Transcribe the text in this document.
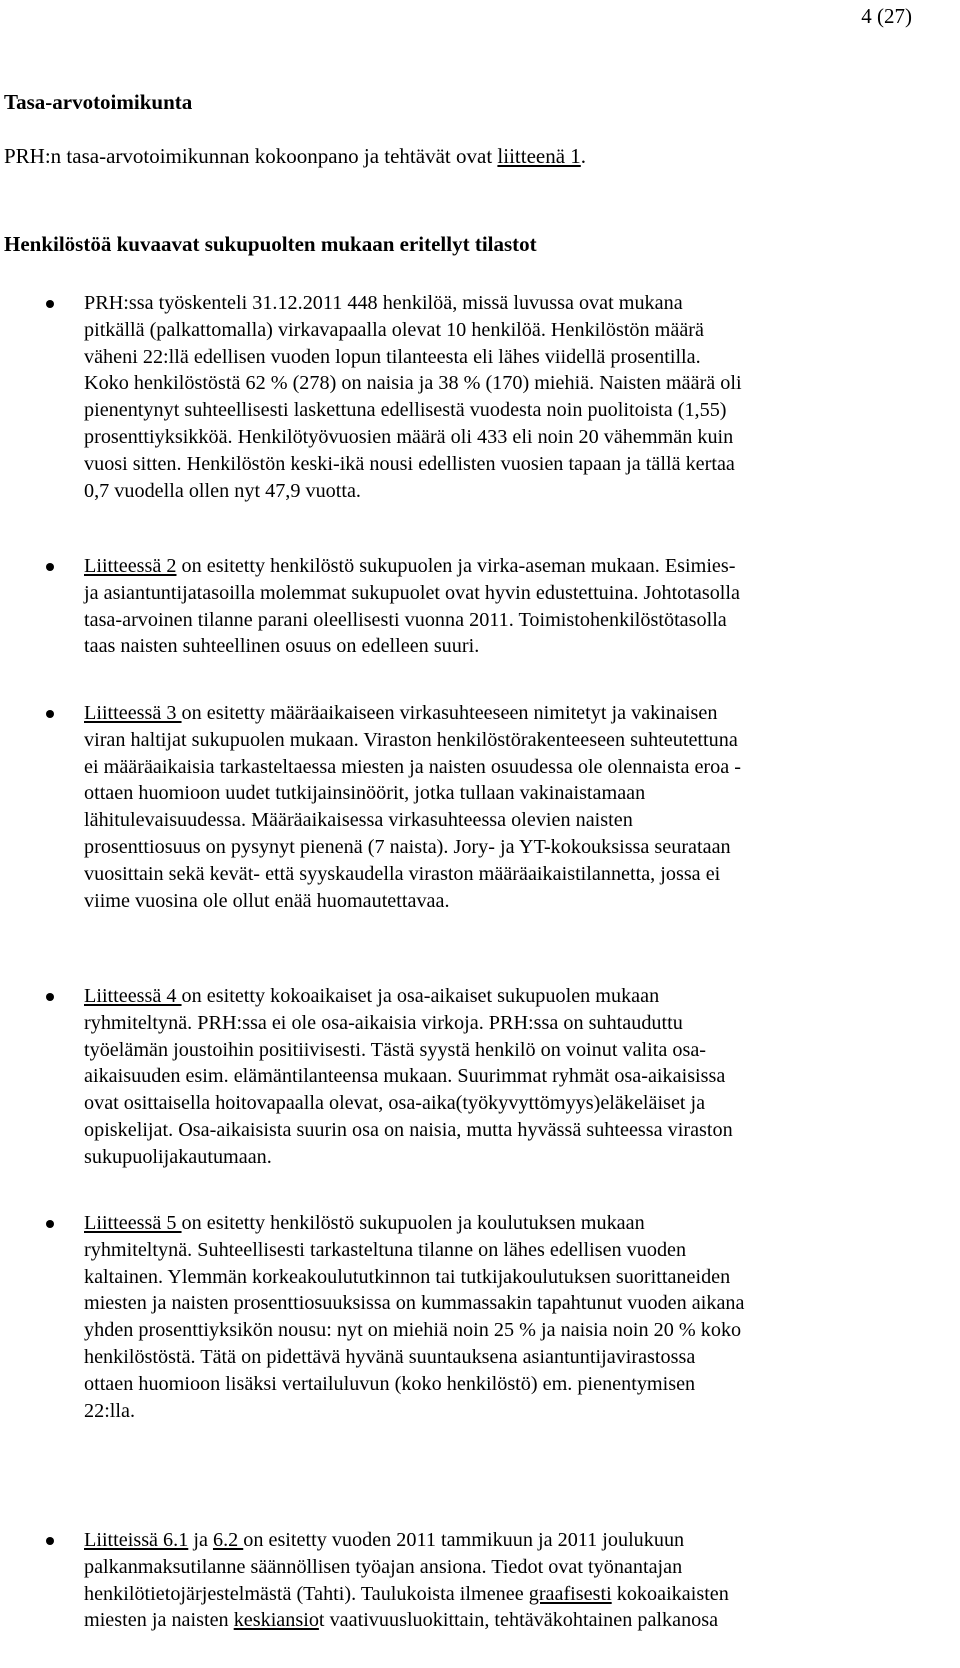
4 (27)
Tasa-arvotoimikunta
PRH:n tasa-arvotoimikunnan kokoonpano ja tehtävät ovat liitteenä 1.
Henkilöstöä kuvaavat sukupuolten mukaan eritellyt tilastot
PRH:ssa työskenteli 31.12.2011 448 henkilöä, missä luvussa ovat mukana
pitkällä (palkattomalla) virkavapaalla olevat 10 henkilöä. Henkilöstön määrä
väheni 22:llä edellisen vuoden lopun tilanteesta eli lähes viidellä prosentilla.
Koko henkilöstöstä 62 % (278) on naisia ja 38 % (170) miehiä. Naisten määrä oli
pienentynyt suhteellisesti laskettuna edellisestä vuodesta noin puolitoista (1,55)
prosenttiyksikköä. Henkilötyövuosien määrä oli 433 eli noin 20 vähemmän kuin
vuosi sitten. Henkilöstön keski-ikä nousi edellisten vuosien tapaan ja tällä kertaa
0,7 vuodella ollen nyt 47,9 vuotta.
Liitteessä 2 on esitetty henkilöstö sukupuolen ja virka-aseman mukaan. Esimies-
ja asiantuntijatasoilla molemmat sukupuolet ovat hyvin edustettuina. Johtotasolla
tasa-arvoinen tilanne parani oleellisesti vuonna 2011. Toimistohenkilöstötasolla
taas naisten suhteellinen osuus on edelleen suuri.
Liitteessä 3 on esitetty määräaikaiseen virkasuhteeseen nimitetyt ja vakinaisen
viran haltijat sukupuolen mukaan. Viraston henkilöstörakenteeseen suhteutettuna
ei määräaikaisia tarkasteltaessa miesten ja naisten osuudessa ole olennaista eroa -
ottaen huomioon uudet tutkijainsinöörit, jotka tullaan vakinaistamaan
lähitulevaisuudessa. Määräaikaisessa virkasuhteessa olevien naisten
prosenttiosuus on pysynyt pienenä (7 naista). Jory- ja YT-kokouksissa seurataan
vuosittain sekä kevät- että syyskaudella viraston määräaikaistilannetta, jossa ei
viime vuosina ole ollut enää huomautettavaa.
Liitteessä 4 on esitetty kokoaikaiset ja osa-aikaiset sukupuolen mukaan
ryhmiteltynä. PRH:ssa ei ole osa-aikaisia virkoja. PRH:ssa on suhtauduttu
työelämän joustoihin positiivisesti. Tästä syystä henkilö on voinut valita osa-
aikaisuuden esim. elämäntilanteensa mukaan. Suurimmat ryhmät osa-aikaisissa
ovat osittaisella hoitovapaalla olevat, osa-aika(työkyvyttömyys)eläkeläiset ja
opiskelijat. Osa-aikaisista suurin osa on naisia, mutta hyvässä suhteessa viraston
sukupuolijakautumaan.
Liitteessä 5 on esitetty henkilöstö sukupuolen ja koulutuksen mukaan
ryhmiteltynä. Suhteellisesti tarkasteltuna tilanne on lähes edellisen vuoden
kaltainen. Ylemmän korkeakoulututkinnon tai tutkijakoulutuksen suorittaneiden
miesten ja naisten prosenttiosuuksissa on kummassakin tapahtunut vuoden aikana
yhden prosenttiyksikön nousu: nyt on miehiä noin 25 % ja naisia noin 20 % koko
henkilöstöstä. Tätä on pidettävä hyvänä suuntauksena asiantuntijavirastossa
ottaen huomioon lisäksi vertailuluvun (koko henkilöstö) em. pienentymisen
22:lla.
Liitteissä 6.1 ja 6.2 on esitetty vuoden 2011 tammikuun ja 2011 joulukuun
palkanmaksutilanne säännöllisen työajan ansiona. Tiedot ovat työnantajan
henkilötietojärjestelmästä (Tahti). Taulukoista ilmenee graafisesti kokoaikaisten
miesten ja naisten keskiansiot vaativuusluokittain, tehtäväkohtainen palkanosa
